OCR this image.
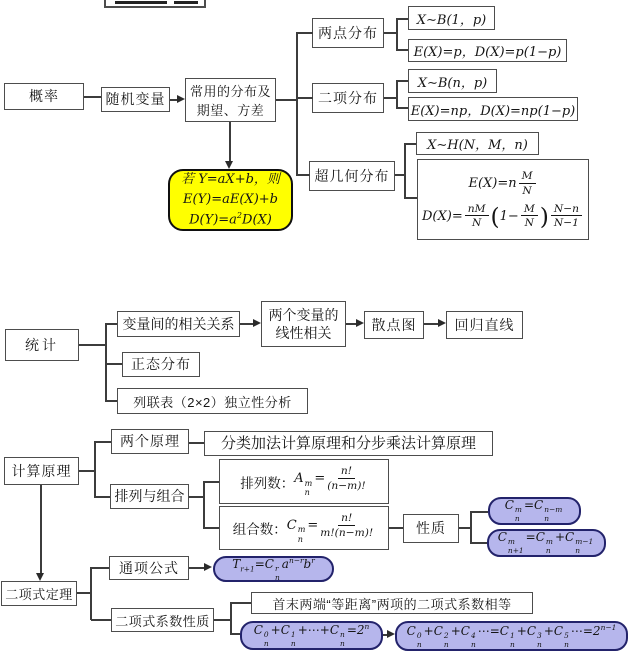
概率	随机变量 常用的分布及
期望、方差
两点分布
X∼B(1，p)
E(X)=p，D(X)=p(1−p)
二项分布
X∼B(n，p)
E(X)=np，D(X)=np(1−p)
超几何分布
X∼H(N，M，n)
$E(X)=n \frac{M}{N}$
$D(X)= \frac{nM}{N} (1- \frac{M}{N}$ ) $\frac{N-n}{N-1}$
若 Y=aX+b，则
E(Y)=aE(X)+b
$D(Y)=a^2D(X)$
统计
变量间的相关关系
两个变量的
线性相关
散点图	回归直线
正态分布
列联表（2×2）独立性分析
计算原理
两个原理	分类加法计算原理和分步乘法计算原理
排列与组合
排列数： A m
n
= $\frac{n!}{(n-m)!}$
组合数： C m
n
= $\frac{n!}{m!(n-m)!}$	性质
C m
n
=C n−m
n
C m
n+1
=C m
n
+C m−1
n
二项式定理
通项公式	$T_{r+1}=C$ r
n
$a^{n-r}b^r$
二项式系数性质
首末两端“等距离”两项的二项式系数相等
C 0
n
+C 1
n
+⋯+C n
n
$=2^n$	C 0
n
+C 2
n
+C 4
n
⋯=C 1
n
+C 3
n
+C 5
n
$\cdots=2^{n-1}$
